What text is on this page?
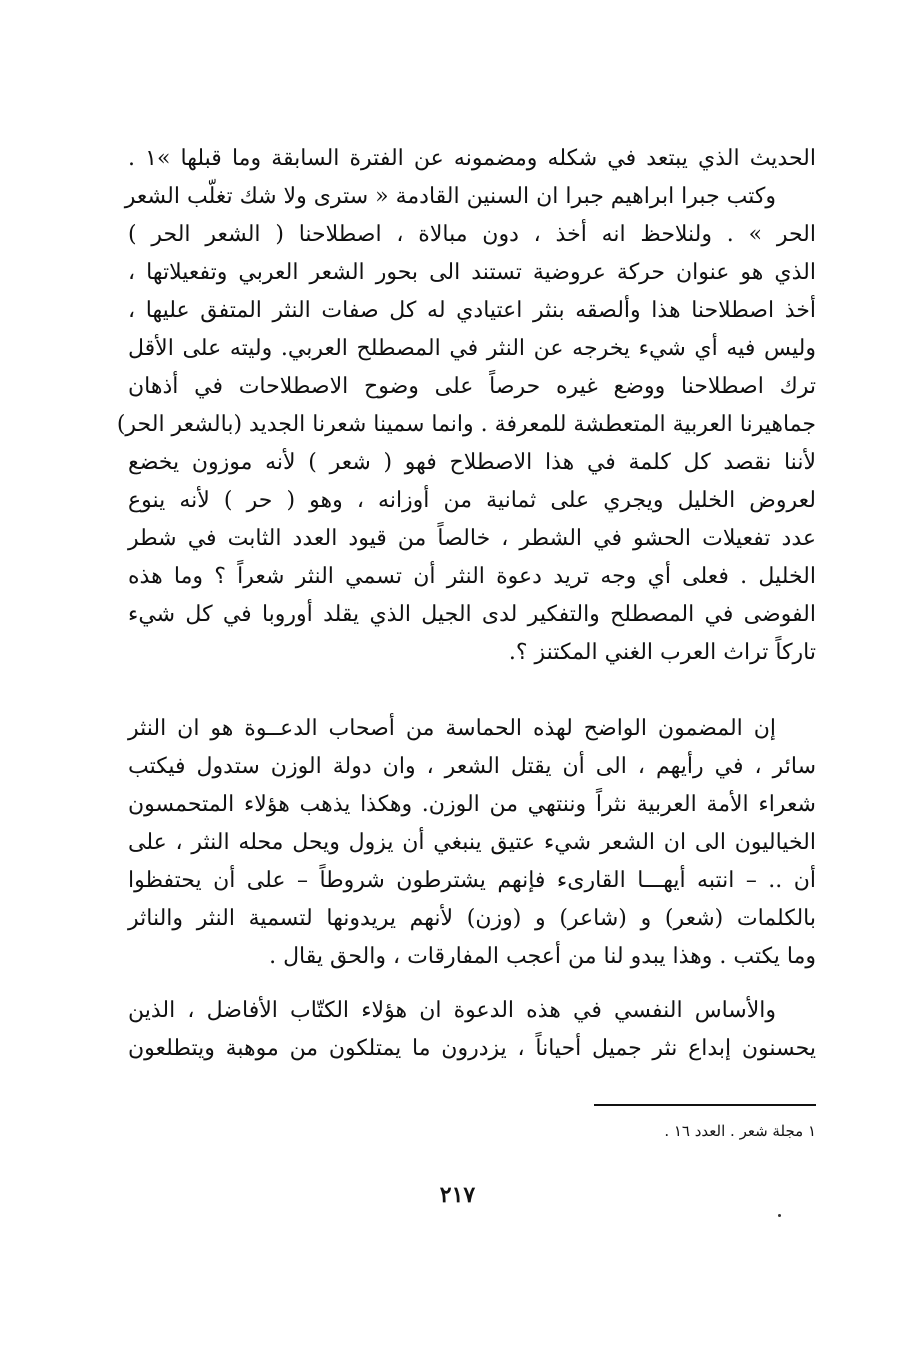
الحديث الذي يبتعد في شكله ومضمونه عن الفترة السابقة وما قبلها »١ .
وكتب جبرا ابراهيم جبرا ان السنين القادمة « سترى ولا شك تغلّب الشعر
الحر » . ولنلاحظ انه أخذ ، دون مبالاة ، اصطلاحنا ( الشعر الحر )
الذي هو عنوان حركة عروضية تستند الى بحور الشعر العربي وتفعيلاتها ،
أخذ اصطلاحنا هذا وألصقه بنثر اعتيادي له كل صفات النثر المتفق عليها ،
وليس فيه أي شيء يخرجه عن النثر في المصطلح العربي. وليته على الأقل
ترك اصطلاحنا ووضع غيره حرصاً على وضوح الاصطلاحات في أذهان
جماهيرنا العربية المتعطشة للمعرفة . وانما سمينا شعرنا الجديد (بالشعر الحر)
لأننا نقصد كل كلمة في هذا الاصطلاح فهو ( شعر ) لأنه موزون يخضع
لعروض الخليل ويجري على ثمانية من أوزانه ، وهو ( حر ) لأنه ينوع
عدد تفعيلات الحشو في الشطر ، خالصاً من قيود العدد الثابت في شطر
الخليل . فعلى أي وجه تريد دعوة النثر أن تسمي النثر شعراً ؟ وما هذه
الفوضى في المصطلح والتفكير لدى الجيل الذي يقلد أوروبا في كل شيء
تاركاً تراث العرب الغني المكتنز ؟.
إن المضمون الواضح لهذه الحماسة من أصحاب الدعــوة هو ان النثر
سائر ، في رأيهم ، الى أن يقتل الشعر ، وان دولة الوزن ستدول فيكتب
شعراء الأمة العربية نثراً وننتهي من الوزن. وهكذا يذهب هؤلاء المتحمسون
الخياليون الى ان الشعر شيء عتيق ينبغي أن يزول ويحل محله النثر ، على
أن .. – انتبه أيهـــا القارىء فإنهم يشترطون شروطاً – على أن يحتفظوا
بالكلمات (شعر) و (شاعر) و (وزن) لأنهم يريدونها لتسمية النثر والناثر
وما يكتب . وهذا يبدو لنا من أعجب المفارقات ، والحق يقال .
والأساس النفسي في هذه الدعوة ان هؤلاء الكتّاب الأفاضل ، الذين
يحسنون إبداع نثر جميل أحياناً ، يزدرون ما يمتلكون من موهبة ويتطلعون
١ مجلة شعر . العدد ١٦ .
٢١٧
